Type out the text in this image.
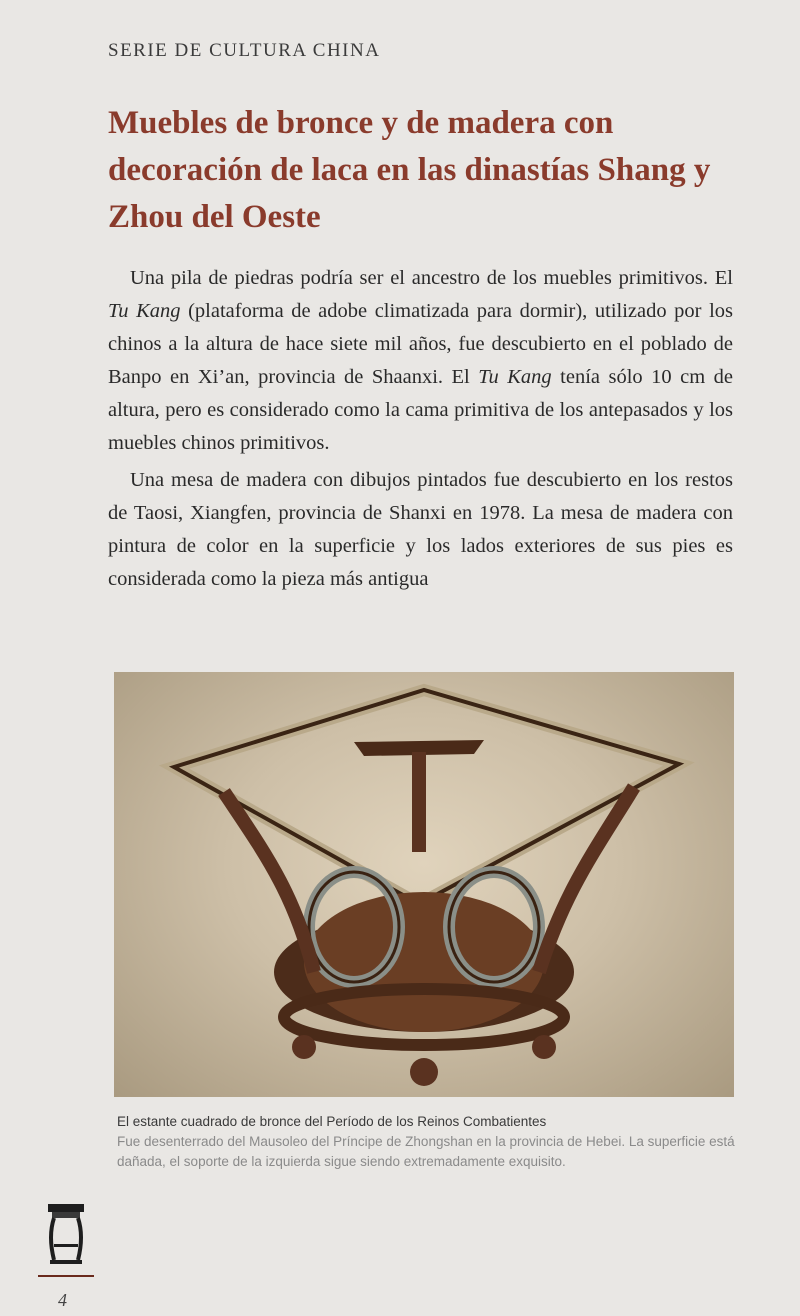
SERIE DE CULTURA CHINA
Muebles de bronce y de madera con decoración de laca en las dinastías Shang y Zhou del Oeste

Una pila de piedras podría ser el ancestro de los muebles primitivos. El Tu Kang (plataforma de adobe climatizada para dormir), utilizado por los chinos a la altura de hace siete mil años, fue descubierto en el poblado de Banpo en Xi’an, provincia de Shaanxi. El Tu Kang tenía sólo 10 cm de altura, pero es considerado como la cama primitiva de los antepasados y los muebles chinos primitivos.

Una mesa de madera con dibujos pintados fue descubierto en los restos de Taosi, Xiangfen, provincia de Shanxi en 1978. La mesa de madera con pintura de color en la superficie y los lados exteriores de sus pies es considerada como la pieza más antigua

El estante cuadrado de bronce del Período de los Reinos Combatientes
Fue desenterrado del Mausoleo del Príncipe de Zhongshan en la provincia de Hebei. La superficie está dañada, el soporte de la izquierda sigue siendo extremadamente exquisito.
4
